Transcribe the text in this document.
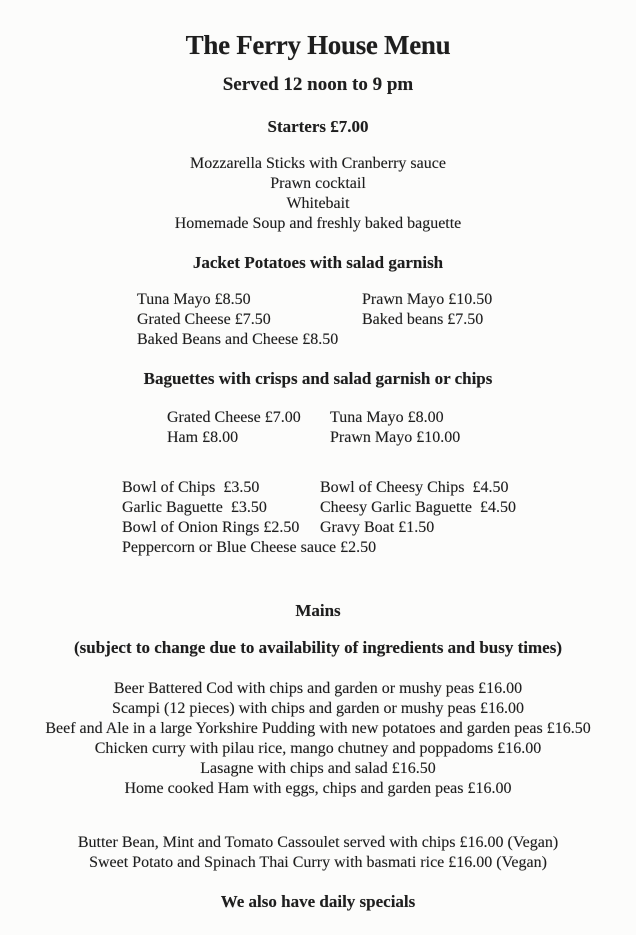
The Ferry House Menu
Served 12 noon to 9 pm
Starters £7.00
Mozzarella Sticks with Cranberry sauce
Prawn cocktail
Whitebait
Homemade Soup and freshly baked baguette
Jacket Potatoes with salad garnish
Tuna Mayo £8.50
Grated Cheese £7.50
Baked Beans and Cheese £8.50
Prawn Mayo £10.50
Baked beans £7.50
Baguettes with crisps and salad garnish or chips
Grated Cheese £7.00
Ham £8.00
Tuna Mayo £8.00
Prawn Mayo £10.00
Bowl of Chips  £3.50
Garlic Baguette  £3.50
Bowl of Onion Rings £2.50
Peppercorn or Blue Cheese sauce £2.50
Bowl of Cheesy Chips  £4.50
Cheesy Garlic Baguette  £4.50
Gravy Boat £1.50
Mains
(subject to change due to availability of ingredients and busy times)
Beer Battered Cod with chips and garden or mushy peas £16.00
Scampi (12 pieces) with chips and garden or mushy peas £16.00
Beef and Ale in a large Yorkshire Pudding with new potatoes and garden peas £16.50
Chicken curry with pilau rice, mango chutney and poppadoms £16.00
Lasagne with chips and salad £16.50
Home cooked Ham with eggs, chips and garden peas £16.00
Butter Bean, Mint and Tomato Cassoulet served with chips £16.00 (Vegan)
Sweet Potato and Spinach Thai Curry with basmati rice £16.00 (Vegan)
We also have daily specials
